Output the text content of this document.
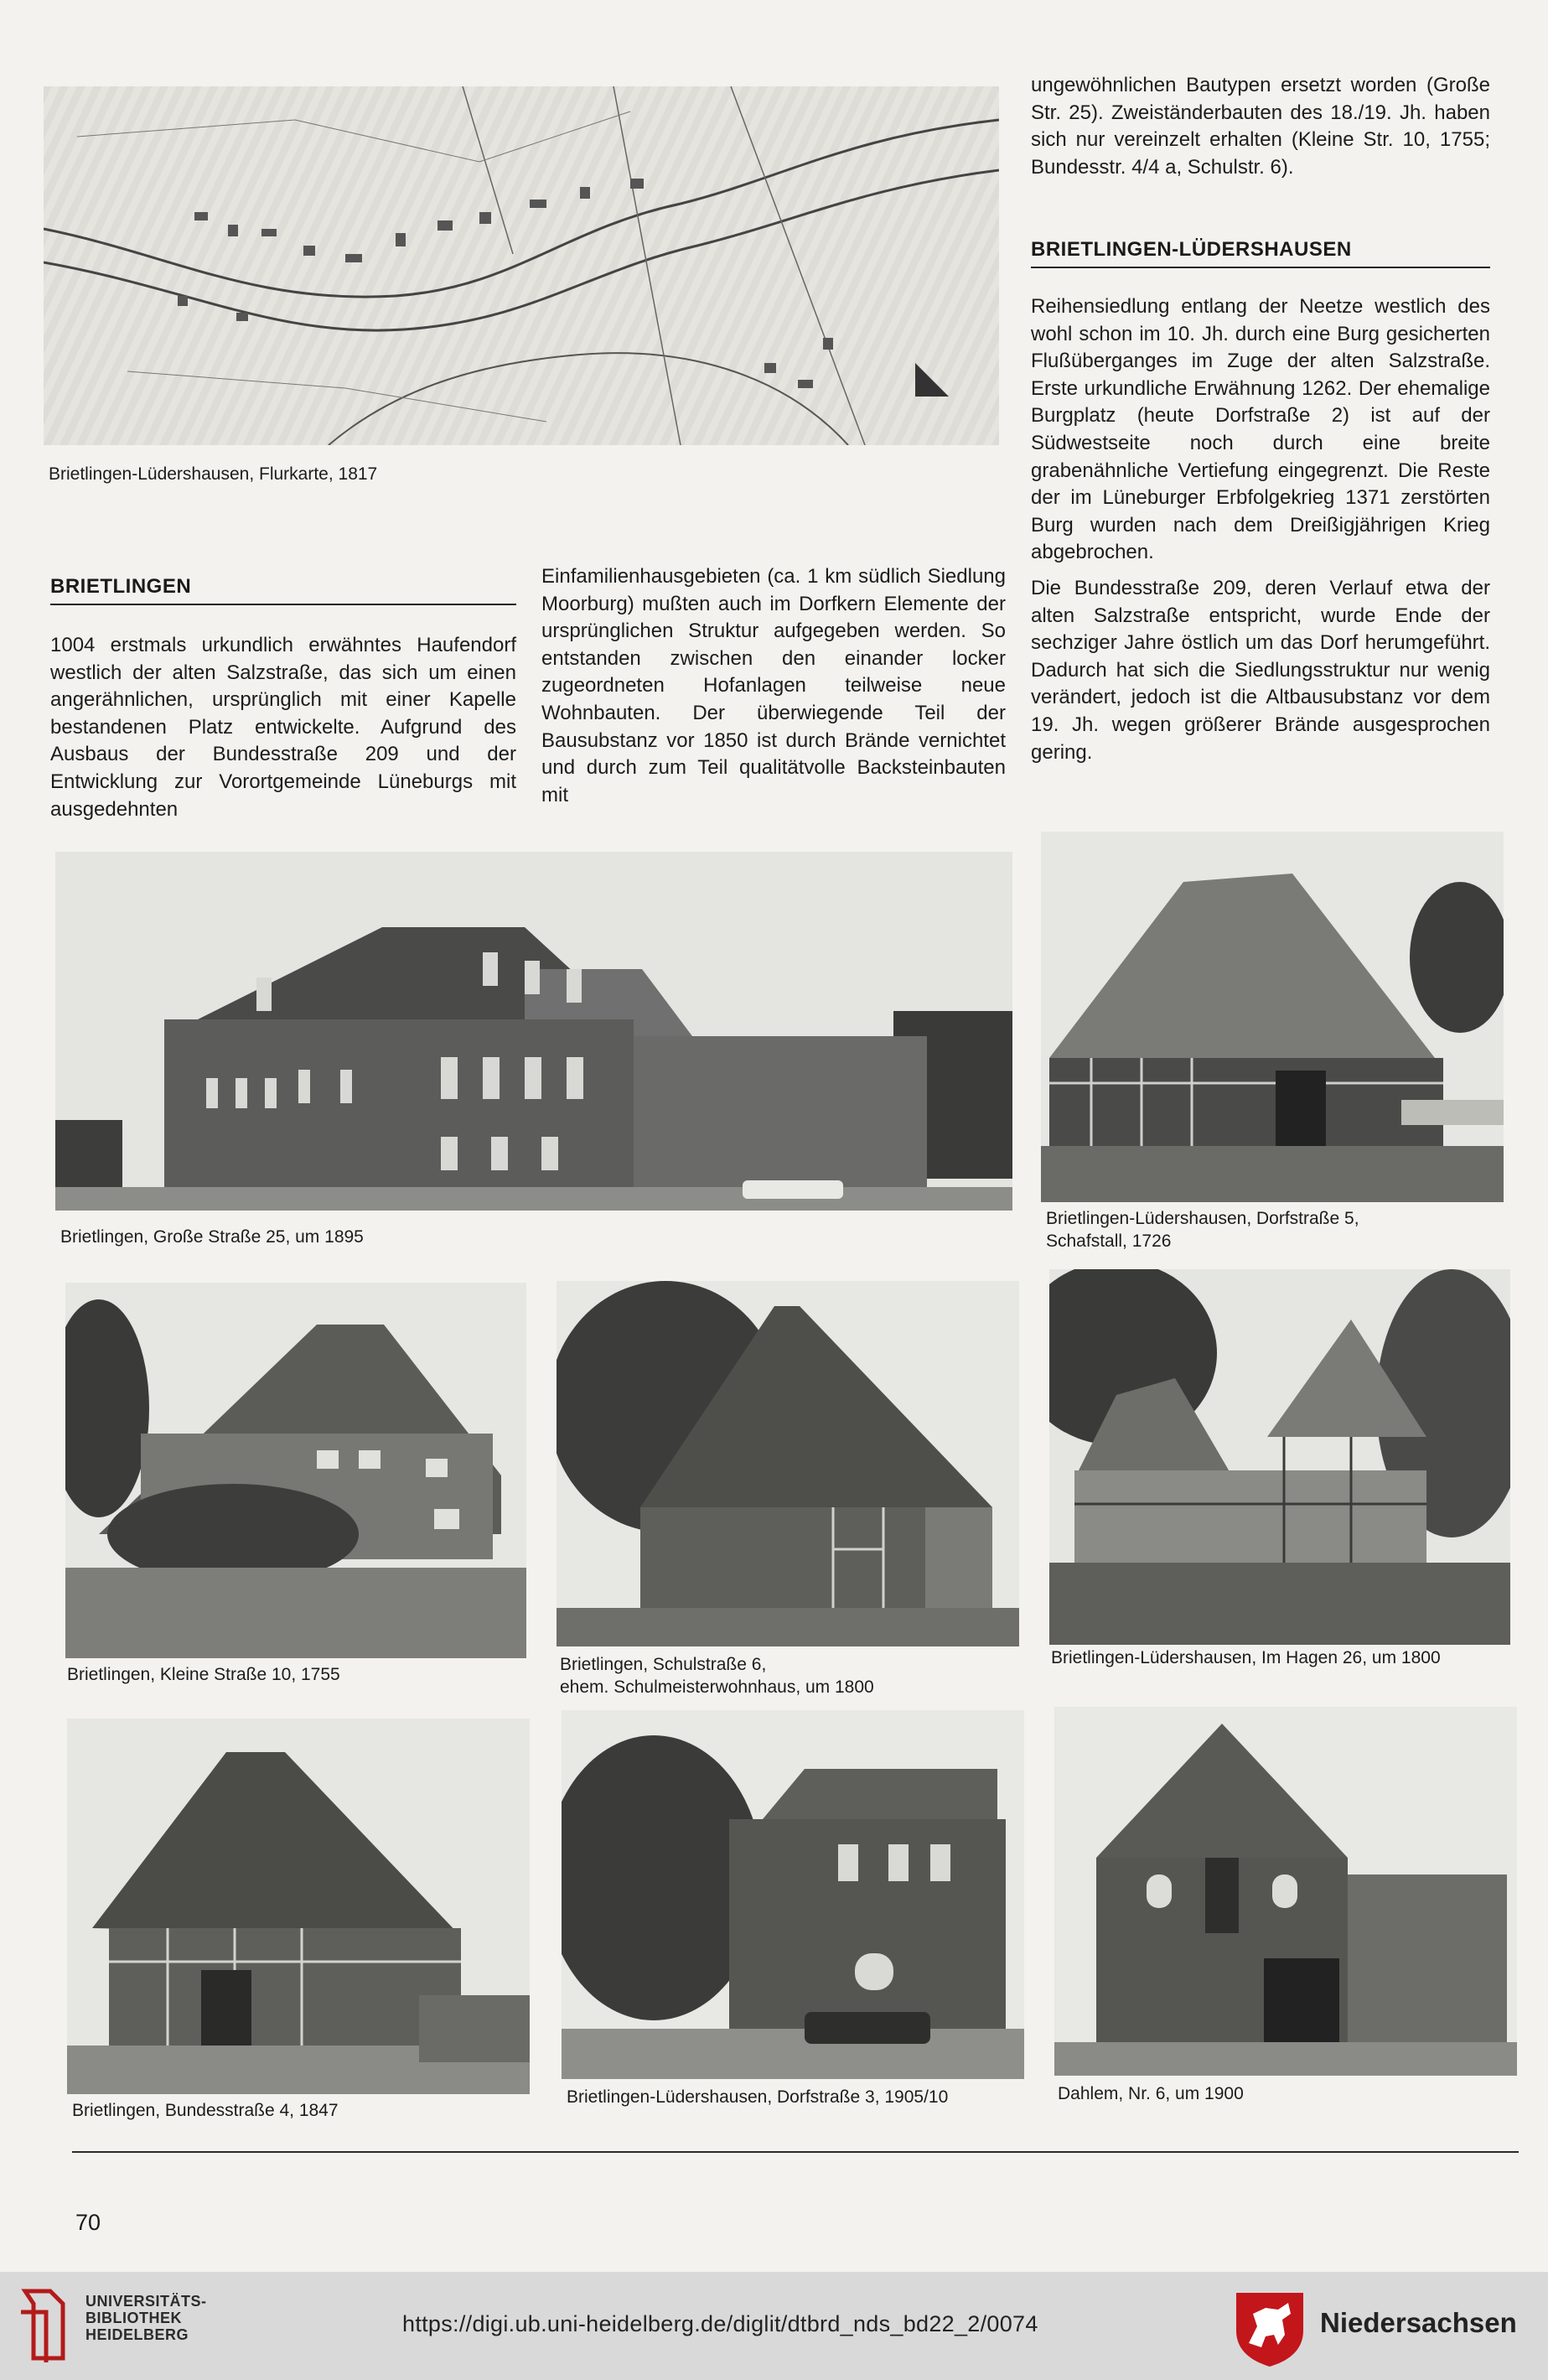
Brietlingen-Lüdershausen, Flurkarte, 1817
ungewöhnlichen Bautypen ersetzt worden (Große Str. 25). Zweiständerbauten des 18./19. Jh. haben sich nur vereinzelt erhalten (Kleine Str. 10, 1755; Bundesstr. 4/4 a, Schulstr. 6).
BRIETLINGEN-LÜDERSHAUSEN

Reihensiedlung entlang der Neetze westlich des wohl schon im 10. Jh. durch eine Burg gesicherten Flußüberganges im Zuge der alten Salzstraße. Erste urkundliche Erwähnung 1262. Der ehemalige Burgplatz (heute Dorfstraße 2) ist auf der Südwestseite noch durch eine breite grabenähnliche Vertiefung eingegrenzt. Die Reste der im Lüneburger Erbfolgekrieg 1371 zerstörten Burg wurden nach dem Dreißigjährigen Krieg abgebrochen.

Die Bundesstraße 209, deren Verlauf etwa der alten Salzstraße entspricht, wurde Ende der sechziger Jahre östlich um das Dorf herumgeführt. Dadurch hat sich die Siedlungsstruktur nur wenig verändert, jedoch ist die Altbausubstanz vor dem 19. Jh. wegen größerer Brände ausgesprochen gering.

BRIETLINGEN
1004 erstmals urkundlich erwähntes Haufendorf westlich der alten Salzstraße, das sich um einen angerähnlichen, ursprünglich mit einer Kapelle bestandenen Platz entwickelte. Aufgrund des Ausbaus der Bundesstraße 209 und der Entwicklung zur Vorortgemeinde Lüneburgs mit ausgedehnten
Einfamilienhausgebieten (ca. 1 km südlich Siedlung Moorburg) mußten auch im Dorfkern Elemente der ursprünglichen Struktur aufgegeben werden. So entstanden zwischen den einander locker zugeordneten Hofanlagen teilweise neue Wohnbauten. Der überwiegende Teil der Bausubstanz vor 1850 ist durch Brände vernichtet und durch zum Teil qualitätvolle Backsteinbauten mit
Brietlingen, Große Straße 25, um 1895
Brietlingen-Lüdershausen, Dorfstraße 5,
Schafstall, 1726
Brietlingen, Kleine Straße 10, 1755
Brietlingen, Schulstraße 6,
ehem. Schulmeisterwohnhaus, um 1800
Brietlingen-Lüdershausen, Im Hagen 26, um 1800
Brietlingen, Bundesstraße 4, 1847
Brietlingen-Lüdershausen, Dorfstraße 3, 1905/10	Dahlem, Nr. 6, um 1900
70
UNIVERSITÄTS-
BIBLIOTHEK
HEIDELBERG	https://digi.ub.uni-heidelberg.de/diglit/dtbrd_nds_bd22_2/0074	Niedersachsen
